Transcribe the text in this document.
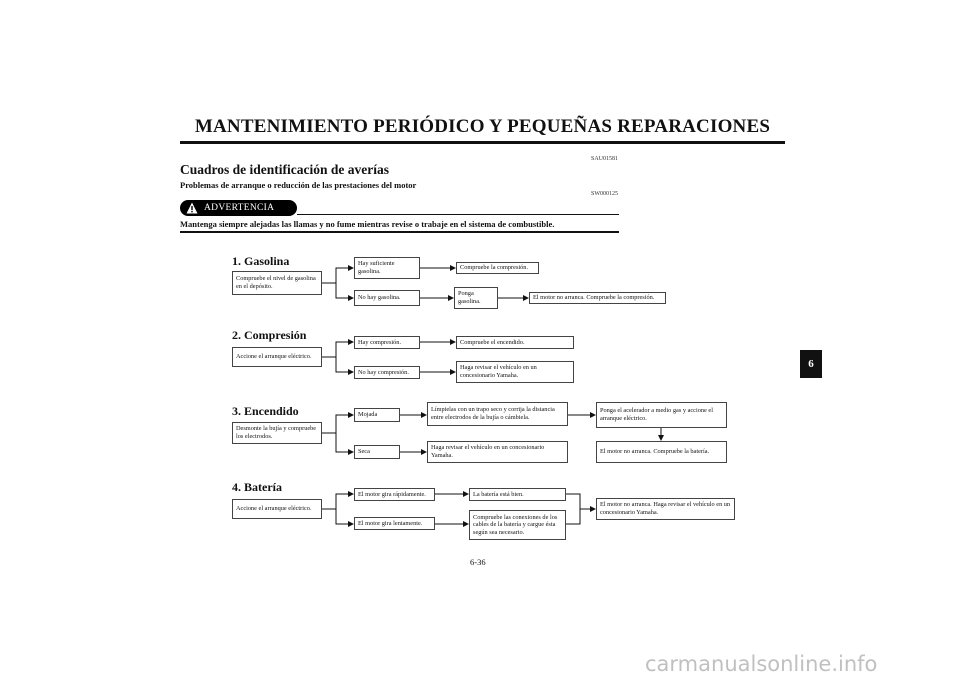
MANTENIMIENTO PERIÓDICO Y PEQUEÑAS REPARACIONES
SAU01581
Cuadros de identificación de averías
Problemas de arranque o reducción de las prestaciones del motor
SW000125
ADVERTENCIA
Mantenga siempre alejadas las llamas y no fume mientras revise o trabaje en el sistema de combustible.
1. Gasolina
Compruebe el nivel de gasolina en el depósito.
Hay suficiente gasolina.
Compruebe la compresión.
No hay gasolina.
Ponga gasolina.
El motor no arranca. Compruebe la compresión.
2. Compresión
Accione el arranque eléctrico.
Hay compresión.	Compruebe el encendido.
No hay compresión.
Haga revisar el vehículo en un concesionario Yamaha.
3. Encendido
Desmonte la bujía y compruebe los electrodos.
Mojada
Límpielas con un trapo seco y corrija la distancia entre electrodos de la bujía o cámbiela.
Ponga el acelerador a medio gas y accione el arranque eléctrico.
El motor no arranca. Compruebe la batería.
Seca
Haga revisar el vehículo en un concesionario Yamaha.
4. Batería
Accione el arranque eléctrico.
El motor gira rápidamente.	La batería está bien.
El motor gira lentamente.
Compruebe las conexiones de los cables de la batería y cargue ésta según sea necesario.
El motor no arranca. Haga revisar el vehículo en un concesionario Yamaha.
6
6-36
carmanualsonline.info
